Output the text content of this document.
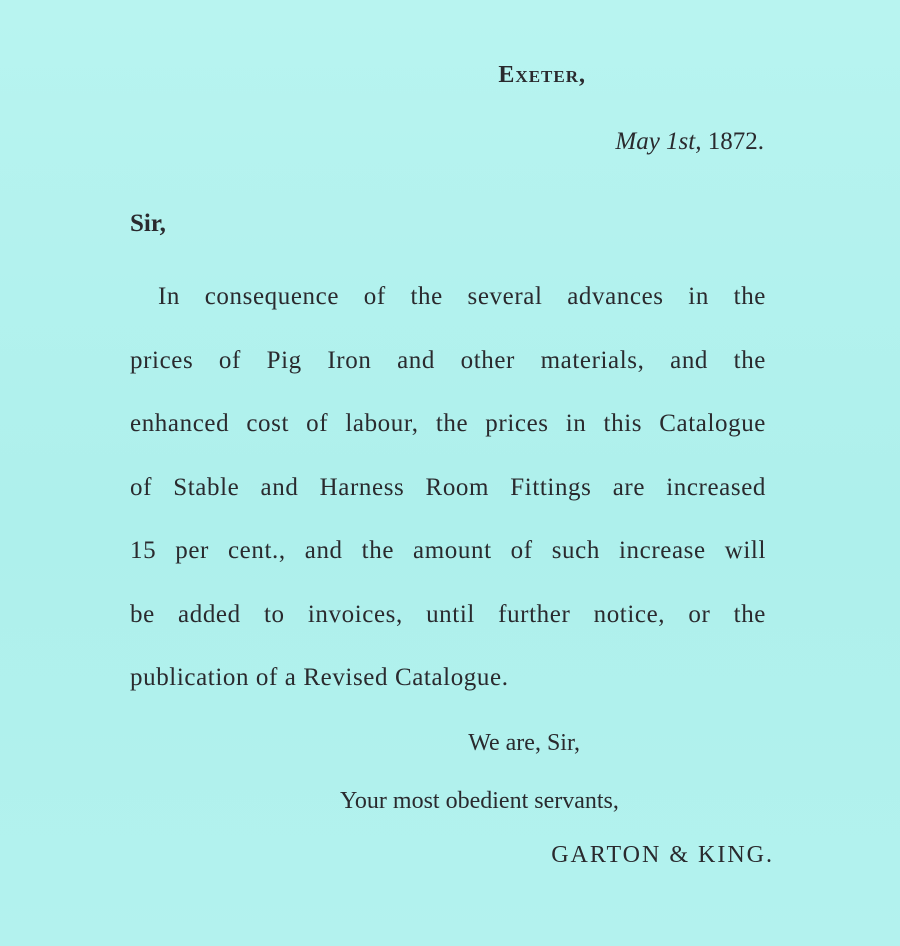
Exeter,
May 1st, 1872.
Sir,
In consequence of the several advances in the
prices of Pig Iron and other materials, and the
enhanced cost of labour, the prices in this Catalogue
of Stable and Harness Room Fittings are increased
15 per cent., and the amount of such increase will
be added to invoices, until further notice, or the
publication of a Revised Catalogue.
We are, Sir,
Your most obedient servants,
GARTON & KING.
